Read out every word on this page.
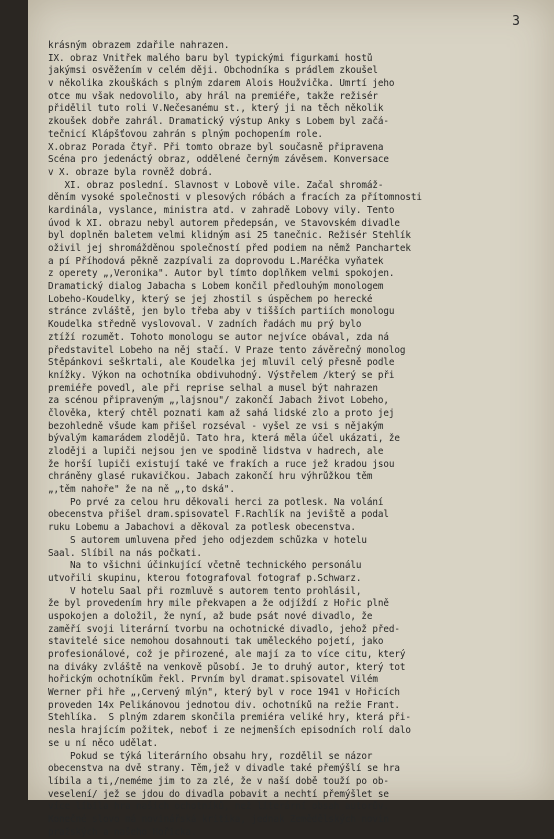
3
krásným obrazem zdařile nahrazen.
IX. obraz Vnitřek malého baru byl typickými figurkami hostů
jakýmsi osvěžením v celém ději. Obchodníka s prádlem zkoušel
v několika zkouškách s plným zdarem Alois Houžvička. Úmrtí jeho
otce mu však nedovolilo, aby hrál na premiéře, takže režisér
přidělil tuto roli V.Nečesanému st., který ji na těch několik
zkoušek dobře zahrál. Dramatický výstup Anky s Lobem byl začá-
tečnicí Klápšťovou zahrán s plným pochopením role.
X.obraz Porada čtyř. Při tomto obraze byl současně připravena
Scéna pro jedenáctý obraz, oddělené černým závěsem. Konversace
v X. obraze byla rovněž dobrá.
XI. obraz poslední. Slavnost v Lobově vile. Začal shromáž-
děním vysoké společnosti v plesových róbách a fracích za přítomnosti
kardinála, vyslance, ministra atd. v zahradě Lobovy vily. Tento
úvod k XI. obrazu nebyl autorem předepsán, ve Stavovském divadle
byl doplněn baletem velmi klidným asi 25 tanečnic. Režisér Stehlík
oživil jej shromážděnou společností před podiem na němž Panchartek
a pí Příhodová pěkně zazpívali za doprovodu L.Maréčka vyňatek
z operety „,Veronika". Autor byl tímto doplňkem velmi spokojen.
Dramatický dialog Jabacha s Lobem končil předlouhým monologem
Lobeho-Koudelky, který se jej zhostil s úspěchem po herecké
stránce zvláště, jen bylo třeba aby v tišších partiích monologu
Koudelka středně vyslovoval. V zadních řadách mu prý bylo
ztíží rozumět. Tohoto monologu se autor nejvíce obával, zda ná
představitel Lobeho na něj stačí. V Praze tento závěrečný monolog
Štěpánkovi seškrtali, ale Koudelka jej mluvil celý přesně podle
knížky. Výkon na ochotníka obdivuhodný. Výstřelem /který se při
premiéře povedl, ale při reprise selhal a musel být nahrazen
za scénou připraveným „,lajsnou"/ zakončí Jabach život Lobeho,
člověka, který chtěl poznati kam až sahá lidské zlo a proto jej
bezohledně všude kam přišel rozséval - vyšel ze vsi s nějakým
bývalým kamarádem zlodějů. Tato hra, která měla účel ukázati, že
zloději a lupiči nejsou jen ve spodině lidstva v hadrech, ale
že horší lupiči existují také ve frakích a ruce jež kradou jsou
chráněny glasé rukavičkou. Jabach zakončí hru výhrůžkou těm
„,těm nahoře" že na ně „,to dská".
Po prvé za celou hru děkovali herci za potlesk. Na volání
obecenstva přišel dram.spisovatel F.Rachlík na jeviště a podal
ruku Lobemu a Jabachovi a děkoval za potlesk obecenstva.
S autorem umluvena před jeho odjezdem schůzka v hotelu
Saal. Slíbil na nás počkati.
Na to všichni účinkující včetně technického personálu
utvořili skupinu, kterou fotografoval fotograf p.Schwarz.
V hotelu Saal při rozmluvě s autorem tento prohlásil,
že byl provedením hry mile překvapen a že odjíždí z Hořic plně
uspokojen a doložil, že nyní, až bude psát nové divadlo, že
zaměří svoji literární tvorbu na ochotnické divadlo, jehož před-
stavitelé sice nemohou dosahnouti tak uměleckého pojetí, jako
profesionálové, což je přirozené, ale mají za to více citu, který
na diváky zvláště na venkově působí. Je to druhý autor, který tot
hořickým ochotníkům řekl. Prvním byl dramat.spisovatel Vilém
Werner při hře „,Červený mlýn", který byl v roce 1941 v Hořicích
proveden 14x Pelikánovou jednotou div. ochotníků na režie Frant.
Stehlíka.  S plným zdarem skončila premiéra veliké hry, která při-
nesla hrajícím požitek, neboť i ze nejmenších episodních rolí dalo
se u ní něco udělat.
Pokud se týká literárního obsahu hry, rozdělil se názor
obecenstva na dvě strany. Těm,jež v divadle také přemýšlí se hra
líbila a ti,/neméme jim to za zlé, že v naší době touží po ob-
veselení/ jež se jdou do divadla pobavit a nechtí přemýšlet se
více líbila hra našich ochotníků, než literární obsah autorův.
Konečné slovo má novinářská kritika, jednak Zemědělských novin
pražských a našeho Hořicka.
